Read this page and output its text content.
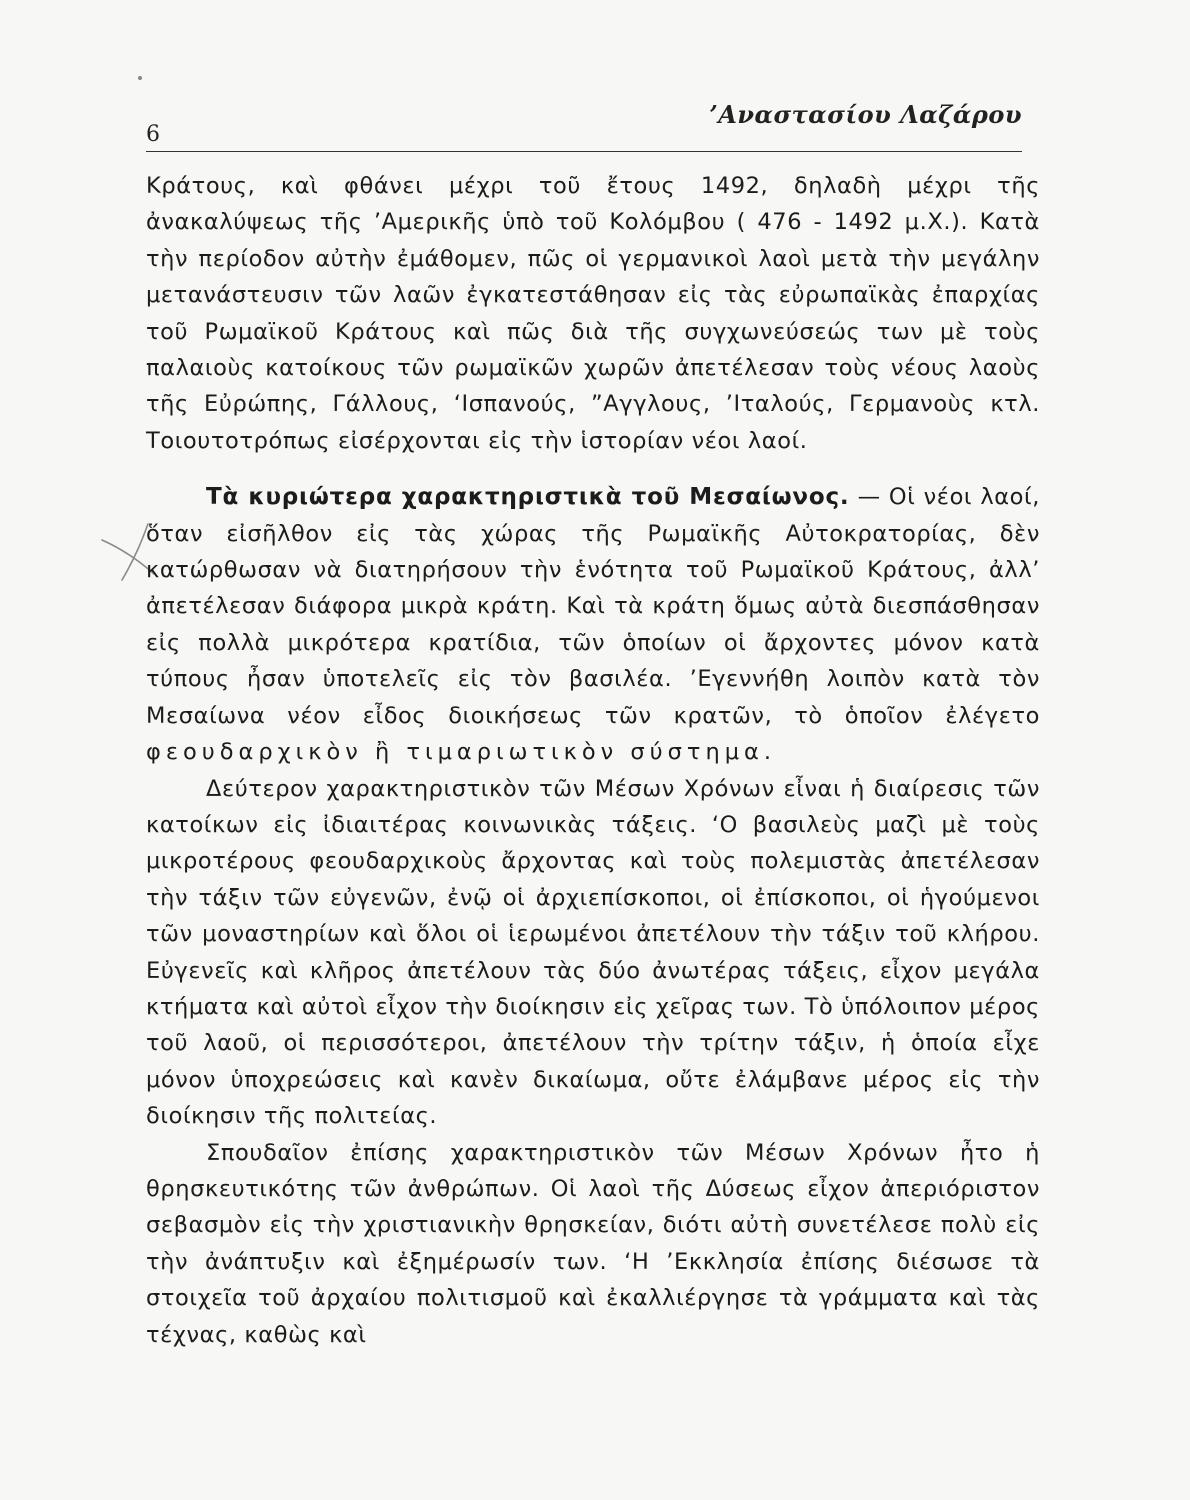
6
’Αναστασίου Λαζάρου

Κράτους, καὶ φθάνει μέχρι τοῦ ἔτους 1492, δηλαδὴ μέχρι τῆς ἀνακαλύψεως τῆς ’Αμερικῆς ὑπὸ τοῦ Κολόμβου ( 476 - 1492 μ.Χ.). Κατὰ τὴν περίοδον αὐτὴν ἐμάθομεν, πῶς οἱ γερμανικοὶ λαοὶ μετὰ τὴν μεγάλην μετανάστευσιν τῶν λαῶν ἐγκατεστάθησαν εἰς τὰς εὐρωπαϊκὰς ἐπαρχίας τοῦ Ρωμαϊκοῦ Κράτους καὶ πῶς διὰ τῆς συγχωνεύσεώς των μὲ τοὺς παλαιοὺς κατοίκους τῶν ρωμαϊκῶν χωρῶν ἀπετέλεσαν τοὺς νέους λαοὺς τῆς Εὐρώπης, Γάλλους, ‘Ισπανούς, ”Αγγλους, ’Ιταλούς, Γερμανοὺς κτλ. Τοιουτοτρόπως εἰσέρχονται εἰς τὴν ἱστορίαν νέοι λαοί.

Τὰ κυριώτερα χαρακτηριστικὰ τοῦ Μεσαίωνος. — Οἱ νέοι λαοί, ὅταν εἰσῆλθον εἰς τὰς χώρας τῆς Ρωμαϊκῆς Αὐτοκρατορίας, δὲν κατώρθωσαν νὰ διατηρήσουν τὴν ἑνότητα τοῦ Ρωμαϊκοῦ Κράτους, ἀλλ’ ἀπετέλεσαν διάφορα μικρὰ κράτη. Καὶ τὰ κράτη ὅμως αὐτὰ διεσπάσθησαν εἰς πολλὰ μικρότερα κρατίδια, τῶν ὁποίων οἱ ἄρχοντες μόνον κατὰ τύπους ἦσαν ὑποτελεῖς εἰς τὸν βασιλέα. ’Εγεννήθη λοιπὸν κατὰ τὸν Μεσαίωνα νέον εἶδος διοικήσεως τῶν κρατῶν, τὸ ὁποῖον ἐλέγετο φεουδαρχικὸν ἢ τιμαριωτικὸν σύστημα.

Δεύτερον χαρακτηριστικὸν τῶν Μέσων Χρόνων εἶναι ἡ διαίρεσις τῶν κατοίκων εἰς ἰδιαιτέρας κοινωνικὰς τάξεις. ‘Ο βασιλεὺς μαζὶ μὲ τοὺς μικροτέρους φεουδαρχικοὺς ἄρχοντας καὶ τοὺς πολεμιστὰς ἀπετέλεσαν τὴν τάξιν τῶν εὐγενῶν, ἐνῷ οἱ ἀρχιεπίσκοποι, οἱ ἐπίσκοποι, οἱ ἡγούμενοι τῶν μοναστηρίων καὶ ὅλοι οἱ ἱερωμένοι ἀπετέλουν τὴν τάξιν τοῦ κλήρου. Εὐγενεῖς καὶ κλῆρος ἀπετέλουν τὰς δύο ἀνωτέρας τάξεις, εἶχον μεγάλα κτήματα καὶ αὐτοὶ εἶχον τὴν διοίκησιν εἰς χεῖρας των. Τὸ ὑπόλοιπον μέρος τοῦ λαοῦ, οἱ περισσότεροι, ἀπετέλουν τὴν τρίτην τάξιν, ἡ ὁποία εἶχε μόνον ὑποχρεώσεις καὶ κανὲν δικαίωμα, οὔτε ἐλάμβανε μέρος εἰς τὴν διοίκησιν τῆς πολιτείας.

Σπουδαῖον ἐπίσης χαρακτηριστικὸν τῶν Μέσων Χρόνων ἦτο ἡ θρησκευτικότης τῶν ἀνθρώπων. Οἱ λαοὶ τῆς Δύσεως εἶχον ἀπεριόριστον σεβασμὸν εἰς τὴν χριστιανικὴν θρησκείαν, διότι αὐτὴ συνετέλεσε πολὺ εἰς τὴν ἀνάπτυξιν καὶ ἐξημέρωσίν των. ‘Η ’Εκκλησία ἐπίσης διέσωσε τὰ στοιχεῖα τοῦ ἀρχαίου πολιτισμοῦ καὶ ἐκαλλιέργησε τὰ γράμματα καὶ τὰς τέχνας, καθὼς καὶ
